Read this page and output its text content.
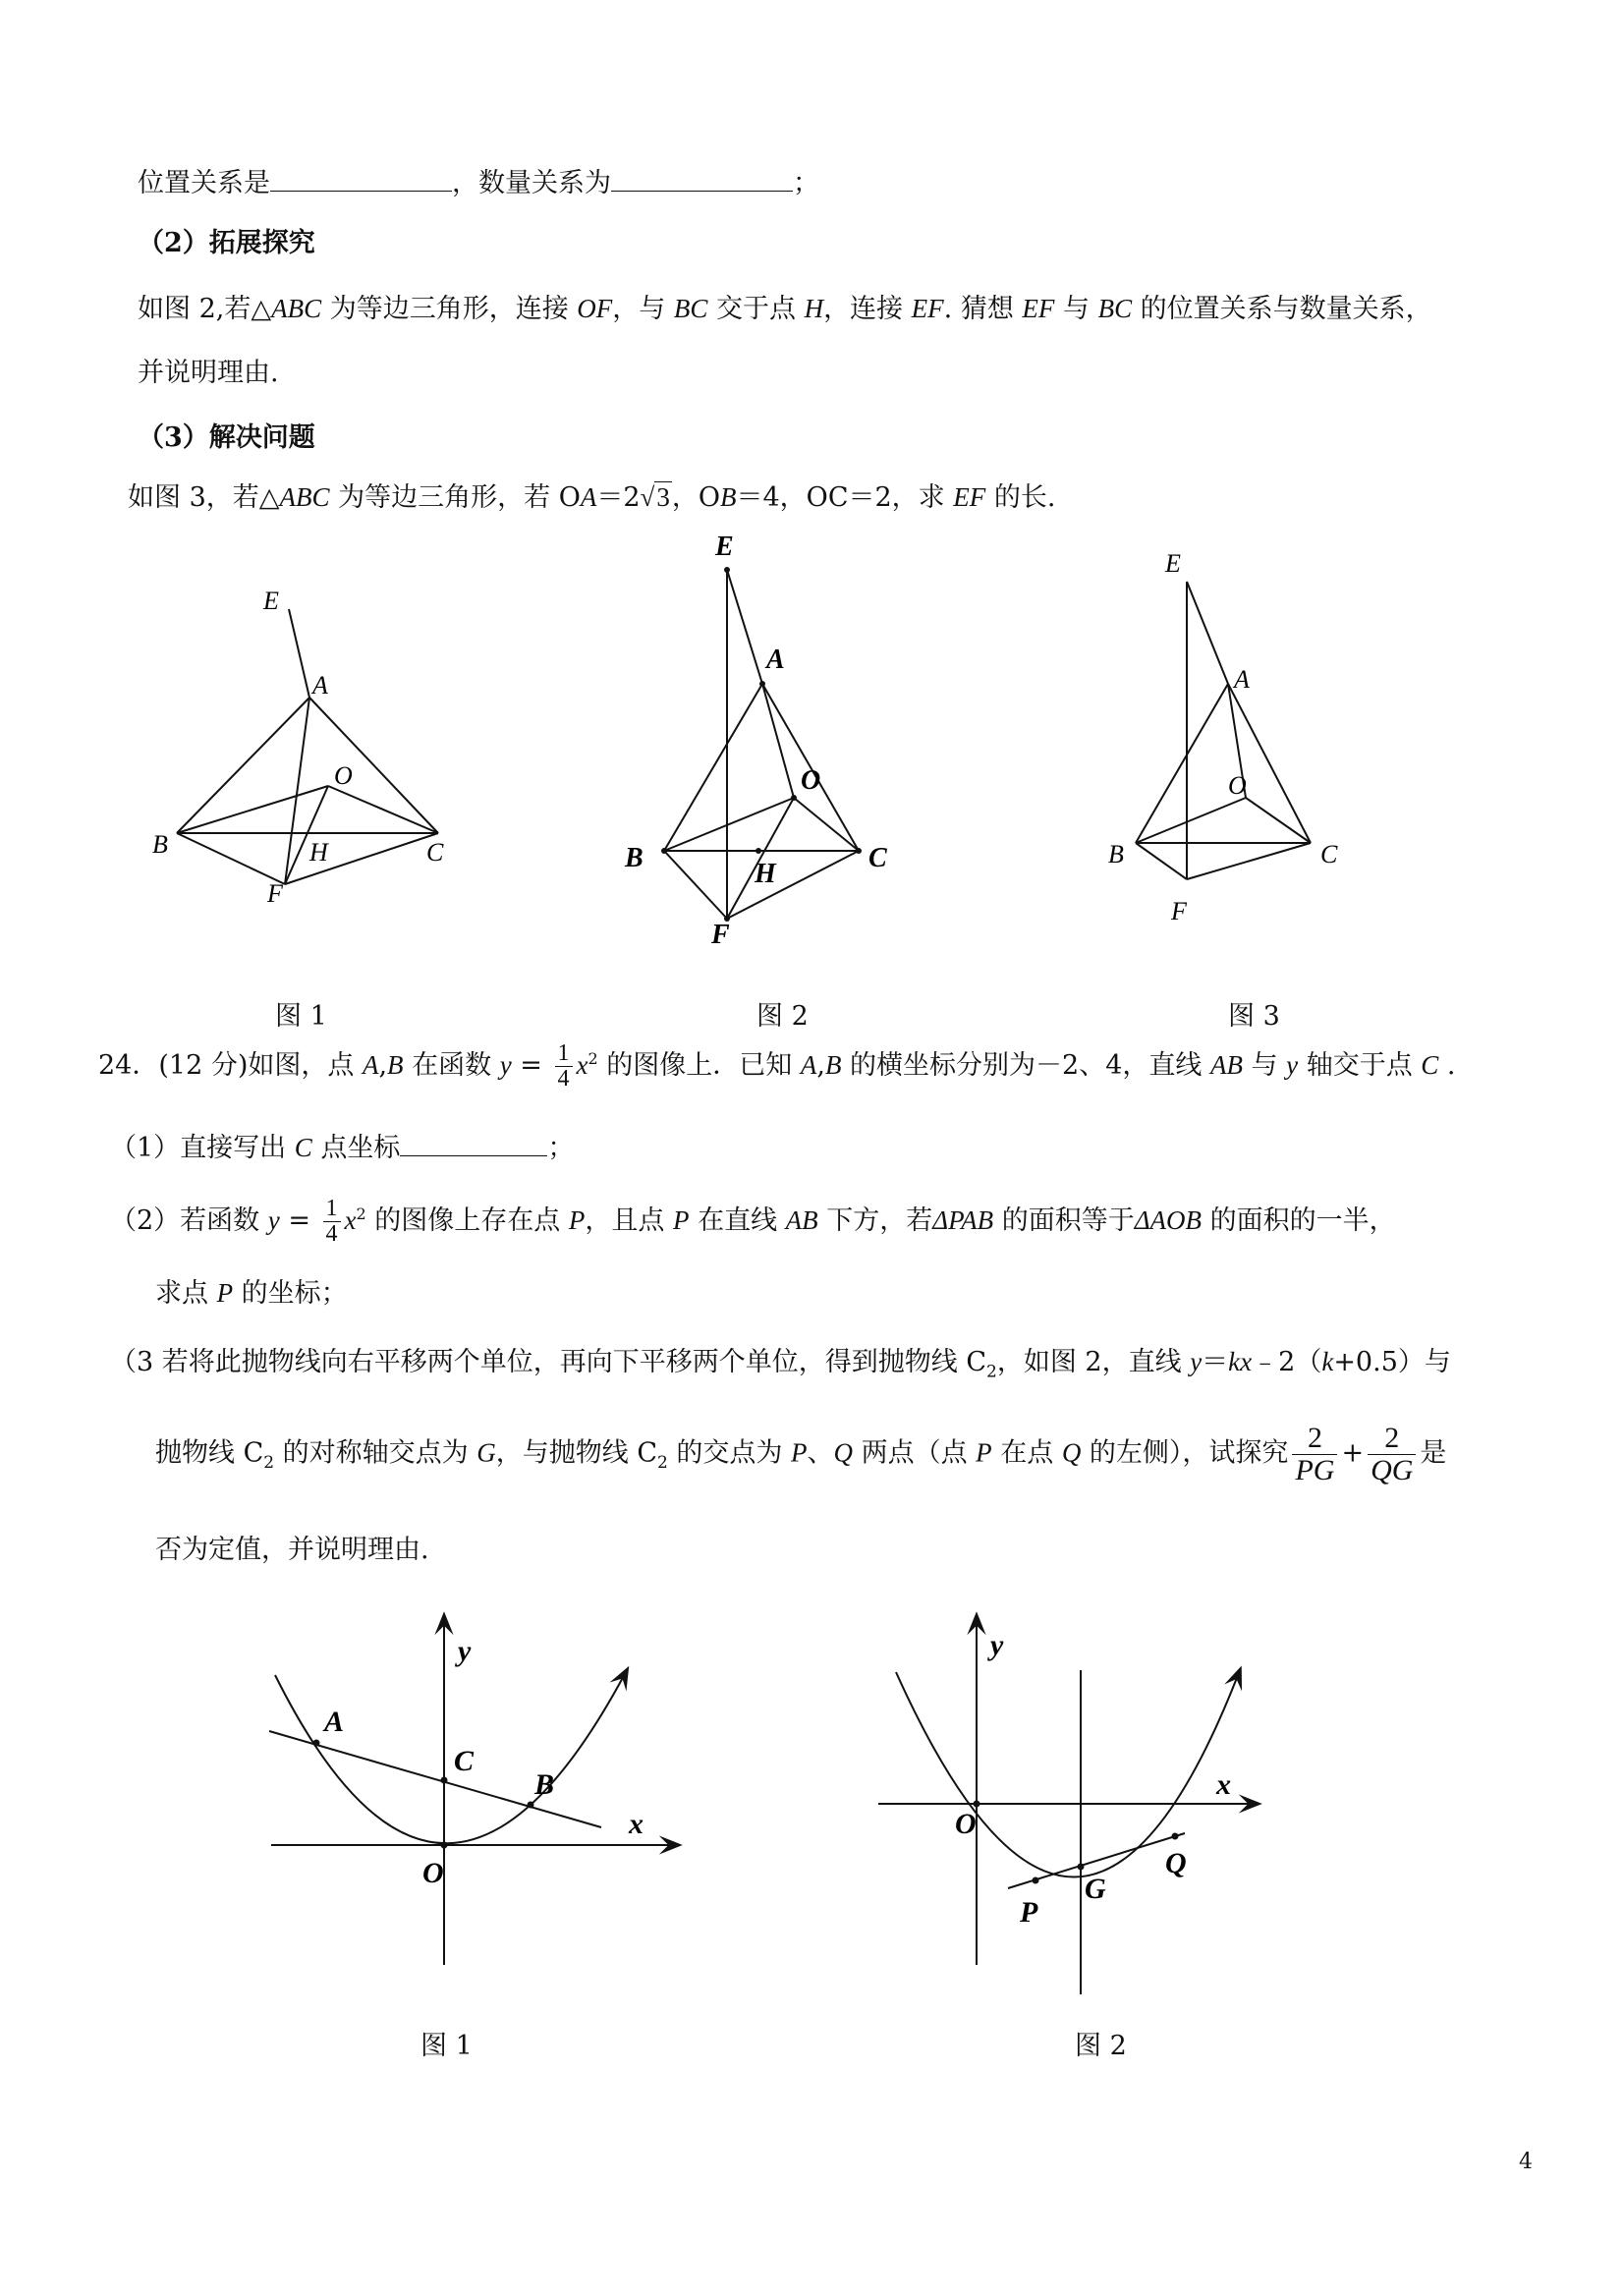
位置关系是	，数量关系为	；
（2）拓展探究
如图 2,若△ABC 为等边三角形，连接 OF，与 BC 交于点 H，连接 EF. 猜想 EF 与 BC 的位置关系与数量关系，
并说明理由.
（3）解决问题
如图 3，若△ABC 为等边三角形，若 OA＝2√3，OB＝4，OC＝2，求 EF 的长.
E
A
O
B	H	C
F
E
A
O
B
H
C
F
E
A
O
B	C
F
图 1	图 2	图 3
24．(12 分)如图，点 A,B 在函数 $y = \frac{1}{4} x^2$ 的图像上．已知 A,B 的横坐标分别为－2、4，直线 AB 与 y 轴交于点 C .
（1）直接写出 C 点坐标	；
（2）若函数 $y = \frac{1}{4} x^2$ 的图像上存在点 P，且点 P 在直线 AB 下方，若ΔPAB 的面积等于ΔAOB 的面积的一半，
求点 P 的坐标；
（3 若将此抛物线向右平移两个单位，再向下平移两个单位，得到抛物线 $C_2$，如图 2，直线 y＝kx﹣2（k+0.5）与
抛物线 $C_2$ 的对称轴交点为 G，与抛物线 $C_2$ 的交点为 P、Q 两点（点 P 在点 Q 的左侧），试探究 $\frac{2}{PG} + \frac{2}{QG}$ 是
否为定值，并说明理由.
y
A
C
B
x
O
y
x
O
G
Q
P
图 1	图 2
4
